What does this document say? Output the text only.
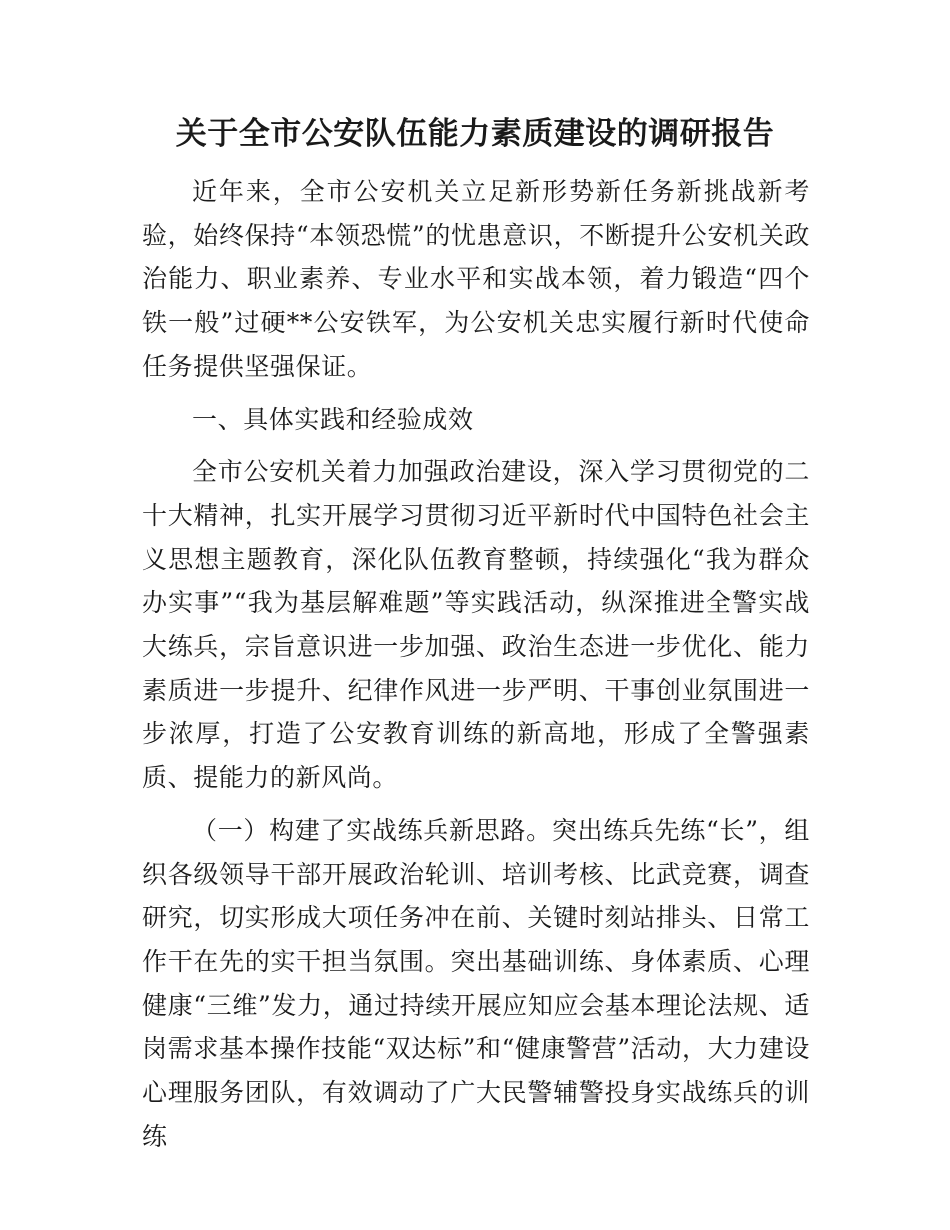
关于全市公安队伍能力素质建设的调研报告

近年来，全市公安机关立足新形势新任务新挑战新考验，始终保持“本领恐慌”的忧患意识，不断提升公安机关政治能力、职业素养、专业水平和实战本领，着力锻造“四个铁一般”过硬**公安铁军，为公安机关忠实履行新时代使命任务提供坚强保证。

一、具体实践和经验成效

全市公安机关着力加强政治建设，深入学习贯彻党的二十大精神，扎实开展学习贯彻习近平新时代中国特色社会主义思想主题教育，深化队伍教育整顿，持续强化“我为群众办实事”“我为基层解难题”等实践活动，纵深推进全警实战大练兵，宗旨意识进一步加强、政治生态进一步优化、能力素质进一步提升、纪律作风进一步严明、干事创业氛围进一步浓厚，打造了公安教育训练的新高地，形成了全警强素质、提能力的新风尚。

（一）构建了实战练兵新思路。突出练兵先练“长”，组织各级领导干部开展政治轮训、培训考核、比武竞赛，调查研究，切实形成大项任务冲在前、关键时刻站排头、日常工作干在先的实干担当氛围。突出基础训练、身体素质、心理健康“三维”发力，通过持续开展应知应会基本理论法规、适岗需求基本操作技能“双达标”和“健康警营”活动，大力建设心理服务团队，有效调动了广大民警辅警投身实战练兵的训练
